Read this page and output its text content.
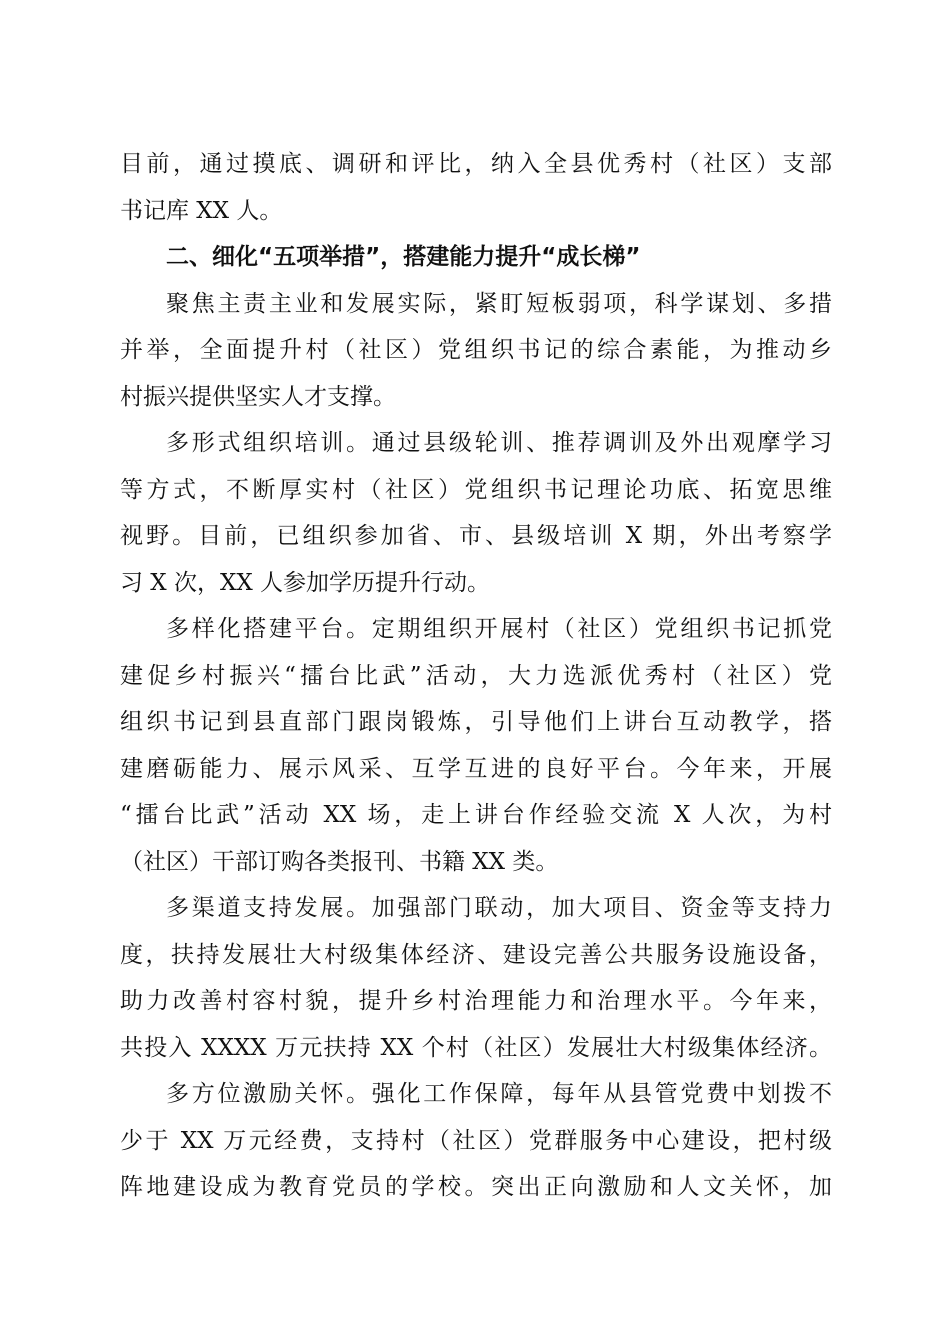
目前，通过摸底、调研和评比，纳入全县优秀村（社区）支部
书记库 XX 人。
二、细化“五项举措”，搭建能力提升“成长梯”
聚焦主责主业和发展实际，紧盯短板弱项，科学谋划、多措
并举，全面提升村（社区）党组织书记的综合素能，为推动乡
村振兴提供坚实人才支撑。
多形式组织培训。通过县级轮训、推荐调训及外出观摩学习
等方式，不断厚实村（社区）党组织书记理论功底、拓宽思维
视野。目前，已组织参加省、市、县级培训 X 期，外出考察学
习 X 次，XX 人参加学历提升行动。
多样化搭建平台。定期组织开展村（社区）党组织书记抓党
建促乡村振兴“擂台比武”活动，大力选派优秀村（社区）党
组织书记到县直部门跟岗锻炼，引导他们上讲台互动教学，搭
建磨砺能力、展示风采、互学互进的良好平台。今年来，开展
“擂台比武”活动 XX 场，走上讲台作经验交流 X 人次，为村
（社区）干部订购各类报刊、书籍 XX 类。
多渠道支持发展。加强部门联动，加大项目、资金等支持力
度，扶持发展壮大村级集体经济、建设完善公共服务设施设备，
助力改善村容村貌，提升乡村治理能力和治理水平。今年来，
共投入 XXXX 万元扶持 XX 个村（社区）发展壮大村级集体经济。
多方位激励关怀。强化工作保障，每年从县管党费中划拨不
少于 XX 万元经费，支持村（社区）党群服务中心建设，把村级
阵地建设成为教育党员的学校。突出正向激励和人文关怀，加
